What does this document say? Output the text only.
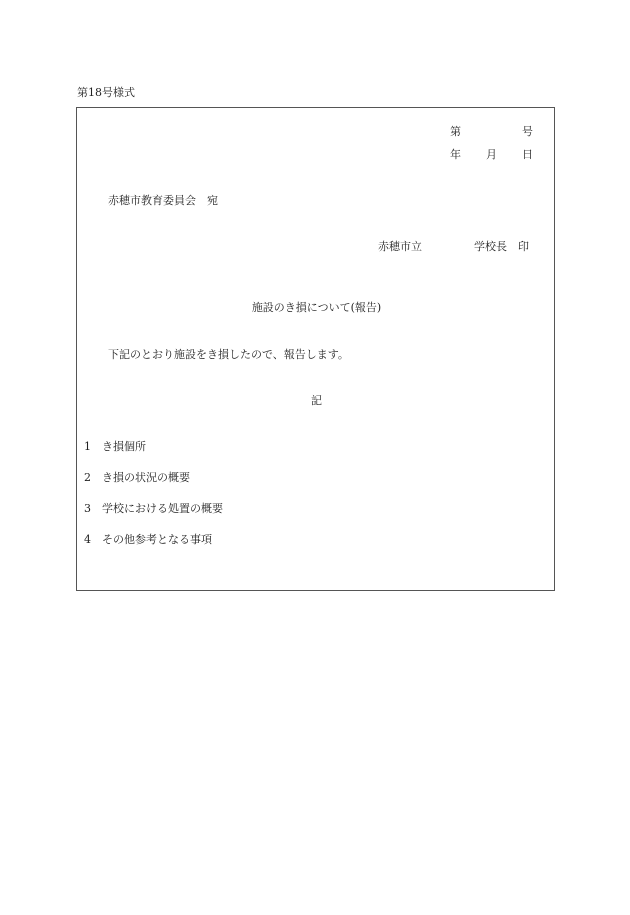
第18号様式
第	号
年 月 日
赤穂市教育委員会　宛
赤穂市立	学校長　印
施設のき損について(報告)
下記のとおり施設をき損したので、報告します。
記
1 き損個所
2 き損の状況の概要
3 学校における処置の概要
4 その他参考となる事項
